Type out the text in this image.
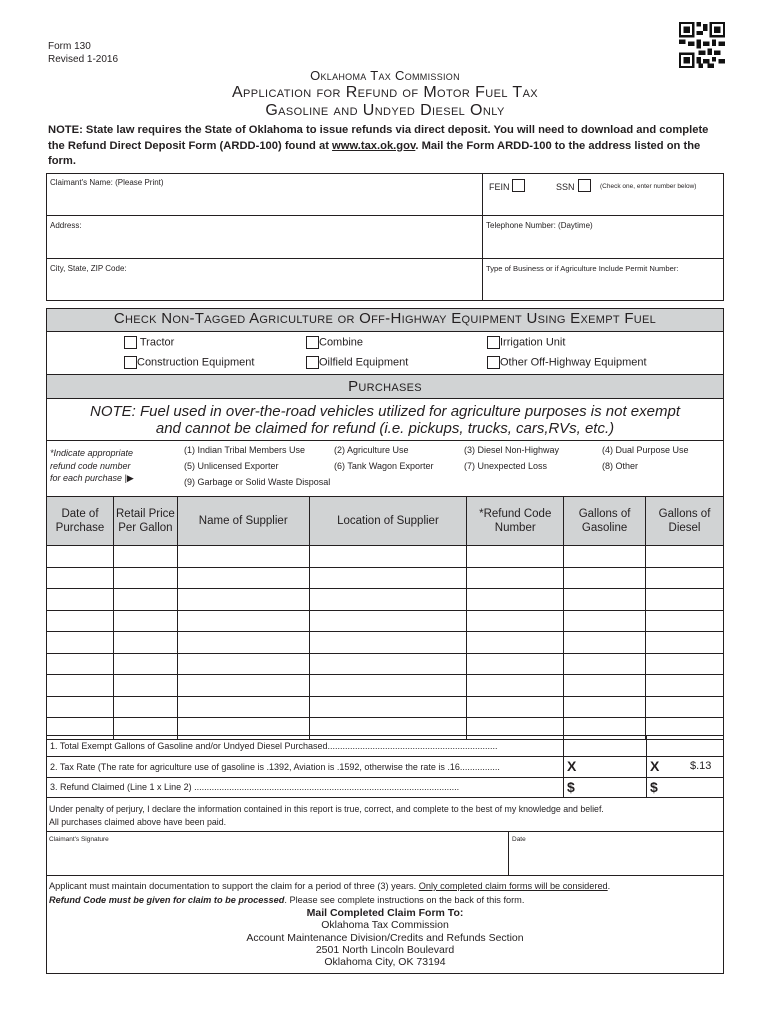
Form 130
Revised 1-2016
Oklahoma Tax Commission
Application for Refund of Motor Fuel Tax
Gasoline and Undyed Diesel Only
NOTE: State law requires the State of Oklahoma to issue refunds via direct deposit. You will need to download and complete the Refund Direct Deposit Form (ARDD-100) found at www.tax.ok.gov. Mail the Form ARDD-100 to the address listed on the form.
Claimant's Name: (Please Print)	FEIN	SSN	(Check one, enter number below)
Address:	Telephone Number: (Daytime)
City, State, ZIP Code:	Type of Business or if Agriculture Include Permit Number:
Check Non-Tagged Agriculture or Off-Highway Equipment Using Exempt Fuel
Tractor	Combine	Irrigation Unit
Construction Equipment	Oilfield Equipment	Other Off-Highway Equipment
Purchases
NOTE: Fuel used in over-the-road vehicles utilized for agriculture purposes is not exempt
and cannot be claimed for refund (i.e. pickups, trucks, cars,RVs, etc.)
*Indicate appropriate
refund code number
for each purchase |▶
(1) Indian Tribal Members Use	(2) Agriculture Use	(3) Diesel Non-Highway	(4) Dual Purpose Use
(5) Unlicensed Exporter	(6) Tank Wagon Exporter	(7) Unexpected Loss	(8) Other
(9) Garbage or Solid Waste Disposal
Date of Purchase	Retail Price Per Gallon	Name of Supplier	Location of Supplier	*Refund Code Number	Gallons of Gasoline	Gallons of Diesel

1. Total Exempt Gallons of Gasoline and/or Undyed Diesel Purchased....................................................................
2. Tax Rate (The rate for agriculture use of gasoline is .1392, Aviation is .1592, otherwise the rate is .16................	X	X	$.13
3. Refund Claimed (Line 1 x Line 2) ..........................................................................................................	$	$
Under penalty of perjury, I declare the information contained in this report is true, correct, and complete to the best of my knowledge and belief.
All purchases claimed above have been paid.
Claimant's Signature	Date
Applicant must maintain documentation to support the claim for a period of three (3) years. Only completed claim forms will be considered.
Refund Code must be given for claim to be processed. Please see complete instructions on the back of this form.
Mail Completed Claim Form To:
Oklahoma Tax Commission
Account Maintenance Division/Credits and Refunds Section
2501 North Lincoln Boulevard
Oklahoma City, OK 73194
